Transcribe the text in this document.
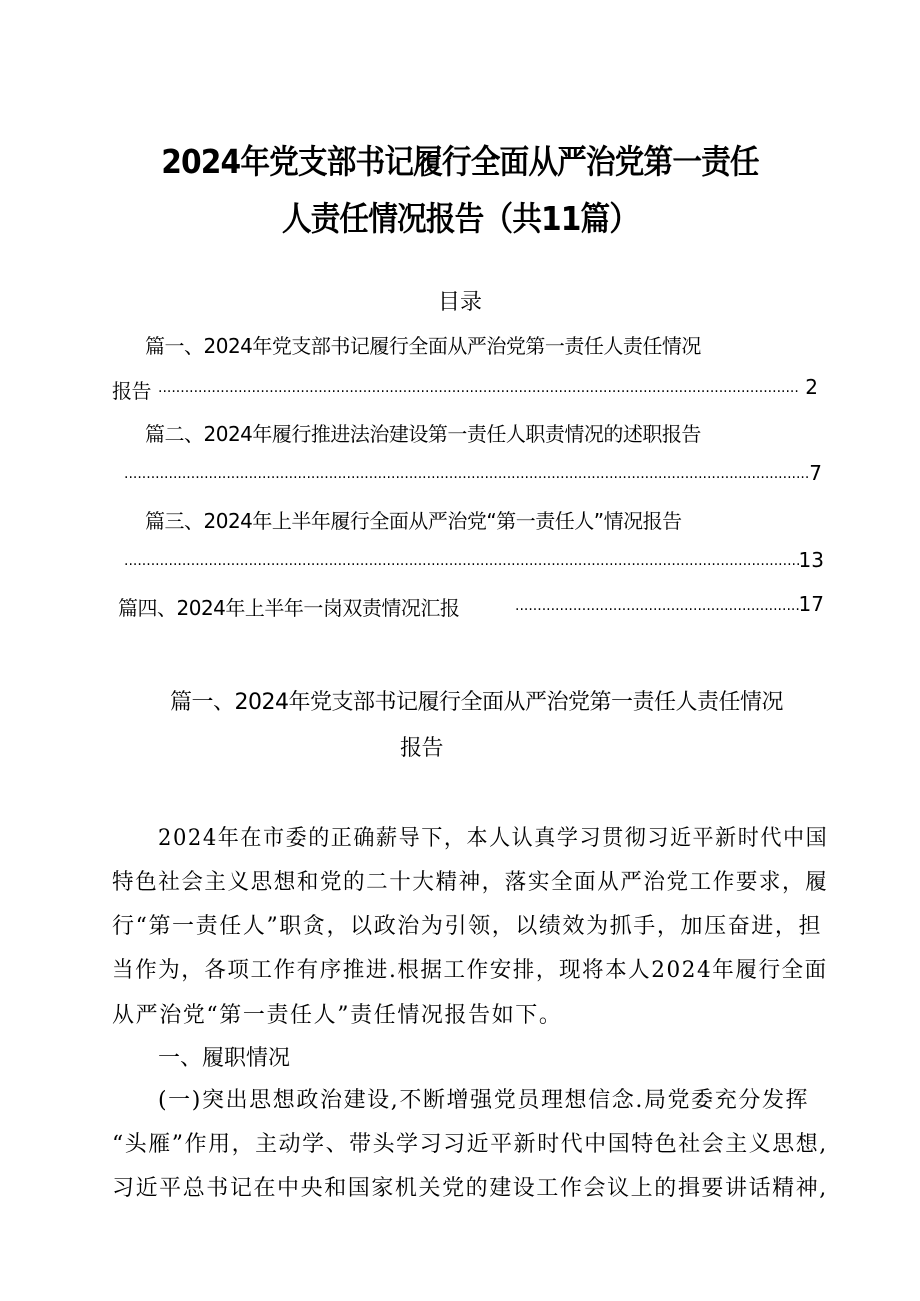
2024年党支部书记履行全面从严治党第一责任
人责任情况报告（共11篇）
目录
篇一、2024年党支部书记履行全面从严治党第一责任人责任情况
报告 .....	2
篇二、2024年履行推进法治建设第一责任人职责情况的述职报告
.....
7
篇三、2024年上半年履行全面从严治党“第一责任人”情况报告
.....
13
篇四、2024年上半年一岗双责情况汇报 .....	17
篇一、2024年党支部书记履行全面从严治党第一责任人责任情况
报告
2024年在市委的正确薪导下，本人认真学习贯彻习近平新时代中国
特色社会主义思想和党的二十大精神，落实全面从严治党工作要求，履
行“第一责任人”职贪，以政治为引领，以绩效为抓手，加压奋进，担
当作为，各项工作有序推进.根据工作安排，现将本人2024年履行全面
从严治党“第一责任人”责任情况报告如下。
一、履职情况
(一)突出思想政治建设,不断增强党员理想信念.局党委充分发挥
“头雁”作用，主动学、带头学习习近平新时代中国特色社会主义思想,
习近平总书记在中央和国家机关党的建设工作会议上的揖要讲话精神,
